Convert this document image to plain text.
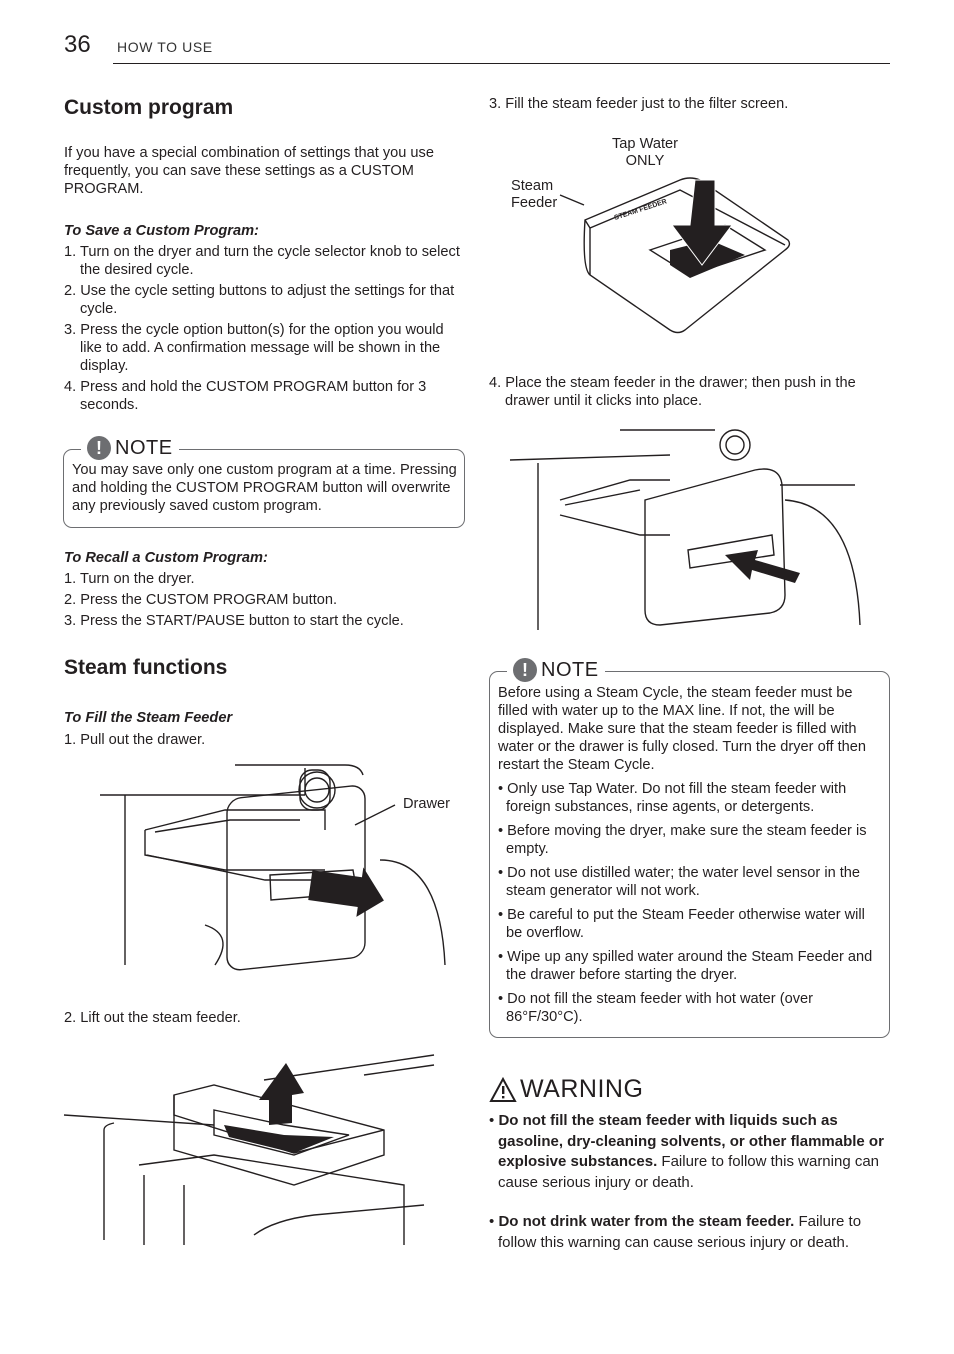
36 HOW TO USE
Custom program
If you have a special combination of settings that you use frequently, you can save these settings as a CUSTOM PROGRAM.
To Save a Custom Program:
1. Turn on the dryer and turn the cycle selector knob to select the desired cycle.
2. Use the cycle setting buttons to adjust the settings for that cycle.
3. Press the cycle option button(s) for the option you would like to add. A confirmation message will be shown in the display.
4. Press and hold the CUSTOM PROGRAM button for 3 seconds.
! NOTE
You may save only one custom program at a time. Pressing and holding the CUSTOM PROGRAM button will overwrite any previously saved custom program.
To Recall a Custom Program:
1. Turn on the dryer.
2. Press the CUSTOM PROGRAM button.
3. Press the START/PAUSE button to start the cycle.
Steam functions
To Fill the Steam Feeder
1. Pull out the drawer.
Drawer
2. Lift out the steam feeder.
3. Fill the steam feeder just to the filter screen.
Tap Water
ONLY
Steam
Feeder	STEAM FEEDER
4. Place the steam feeder in the drawer; then push in the drawer until it clicks into place.
! NOTE
Before using a Steam Cycle, the steam feeder must be filled with water up to the MAX line. If not, the will be displayed. Make sure that the steam feeder is filled with water or the drawer is fully closed. Turn the dryer off then restart the Steam Cycle.
• Only use Tap Water. Do not fill the steam feeder with foreign substances, rinse agents, or detergents.
• Before moving the dryer, make sure the steam feeder is empty.
• Do not use distilled water; the water level sensor in the steam generator will not work.
• Be careful to put the Steam Feeder otherwise water will be overflow.
• Wipe up any spilled water around the Steam Feeder and the drawer before starting the dryer.
• Do not fill the steam feeder with hot water (over 86°F/30°C).
WARNING
• Do not fill the steam feeder with liquids such as gasoline, dry-cleaning solvents, or other flammable or explosive substances. Failure to follow this warning can cause serious injury or death.
• Do not drink water from the steam feeder. Failure to follow this warning can cause serious injury or death.
